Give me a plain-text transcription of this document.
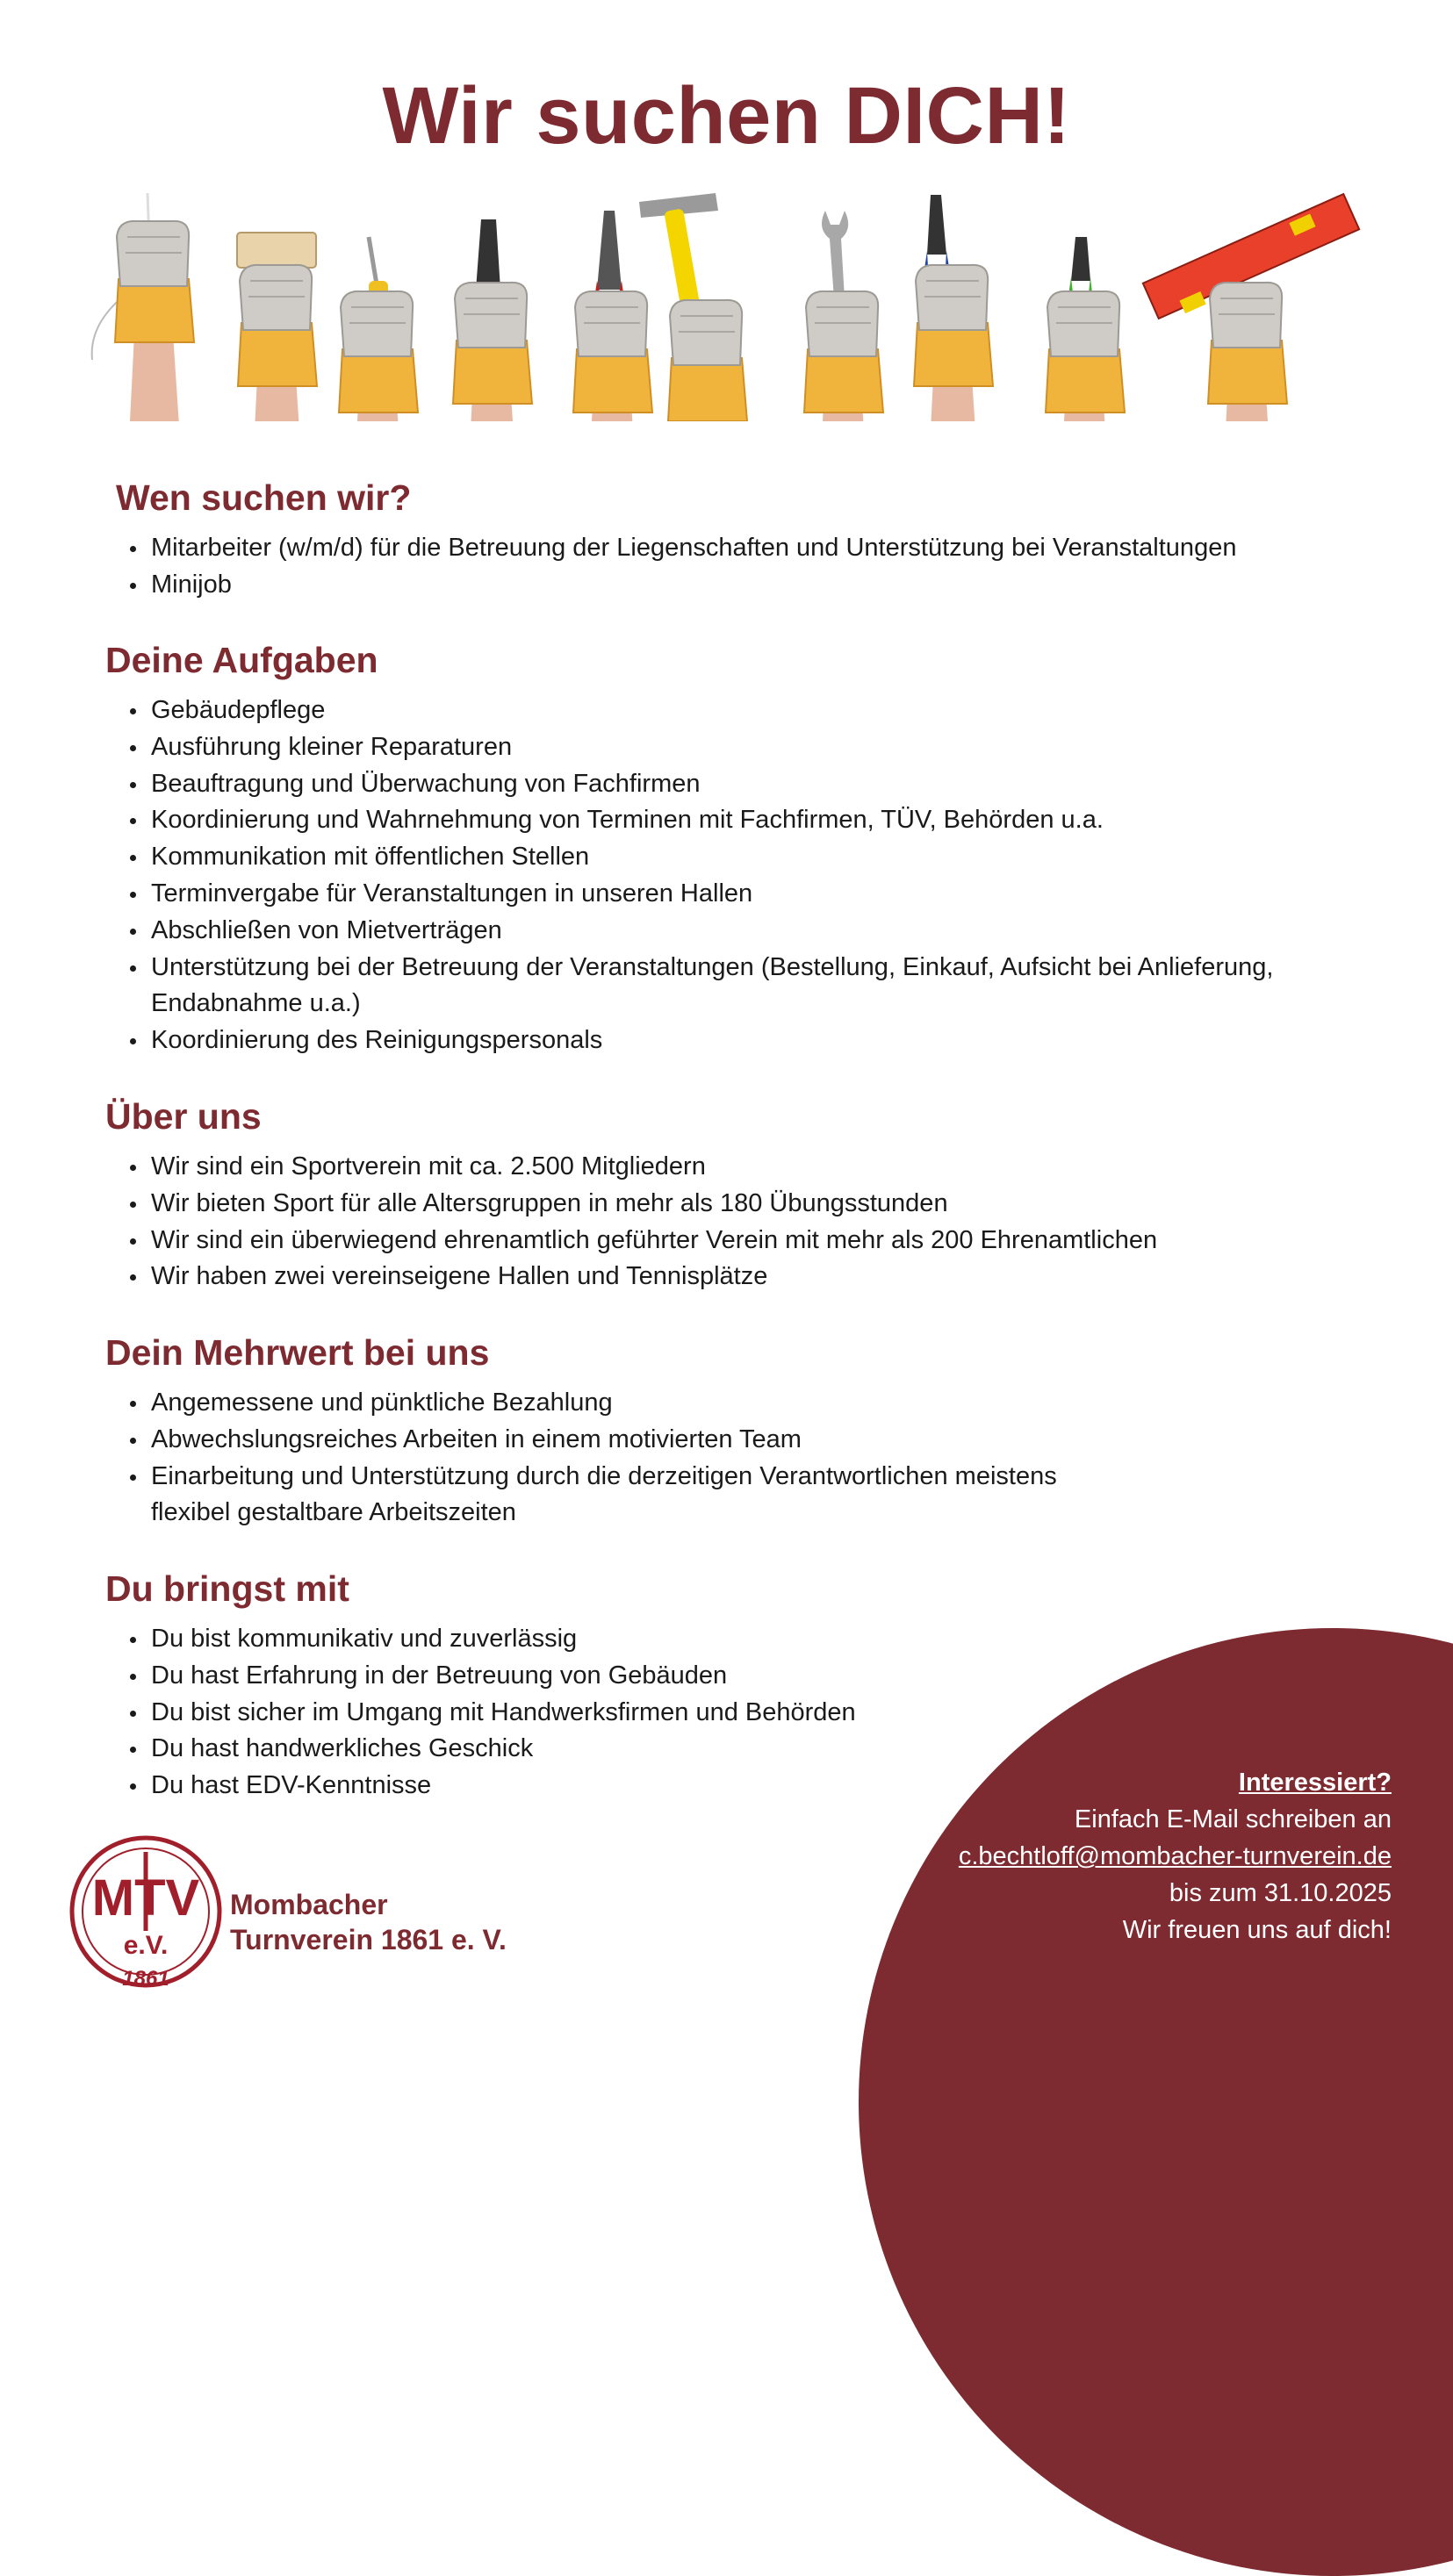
Wir suchen DICH!
Wen suchen wir?
Mitarbeiter (w/m/d) für die Betreuung der Liegenschaften und Unterstützung bei Veranstaltungen
Minijob
Deine Aufgaben
Gebäudepflege
Ausführung kleiner Reparaturen
Beauftragung und Überwachung von Fachfirmen
Koordinierung und Wahrnehmung von Terminen mit Fachfirmen, TÜV, Behörden u.a.
Kommunikation mit öffentlichen Stellen
Terminvergabe für Veranstaltungen in unseren Hallen
Abschließen von Mietverträgen
Unterstützung bei der Betreuung der Veranstaltungen (Bestellung, Einkauf, Aufsicht bei Anlieferung,
Endabnahme u.a.)
Koordinierung des Reinigungspersonals
Über uns
Wir sind ein Sportverein mit ca. 2.500 Mitgliedern
Wir bieten Sport für alle Altersgruppen in mehr als 180 Übungsstunden
Wir sind ein überwiegend ehrenamtlich geführter Verein mit mehr als 200 Ehrenamtlichen
Wir haben zwei vereinseigene Hallen und Tennisplätze
Dein Mehrwert bei uns
Angemessene und pünktliche Bezahlung
Abwechslungsreiches Arbeiten in einem motivierten Team
Einarbeitung und Unterstützung durch die derzeitigen Verantwortlichen meistens
flexibel gestaltbare Arbeitszeiten
Du bringst mit
Du bist kommunikativ und zuverlässig
Du hast Erfahrung in der Betreuung von Gebäuden
Du bist sicher im Umgang mit Handwerksfirmen und Behörden
Du hast handwerkliches Geschick
Du hast EDV-Kenntnisse	Interessiert?
Einfach E-Mail schreiben an
c.bechtloff@mombacher-turnverein.de
bis zum 31.10.2025
Wir freuen uns auf dich!
MTV
e.V.
1861
Mombacher
Turnverein 1861 e. V.
